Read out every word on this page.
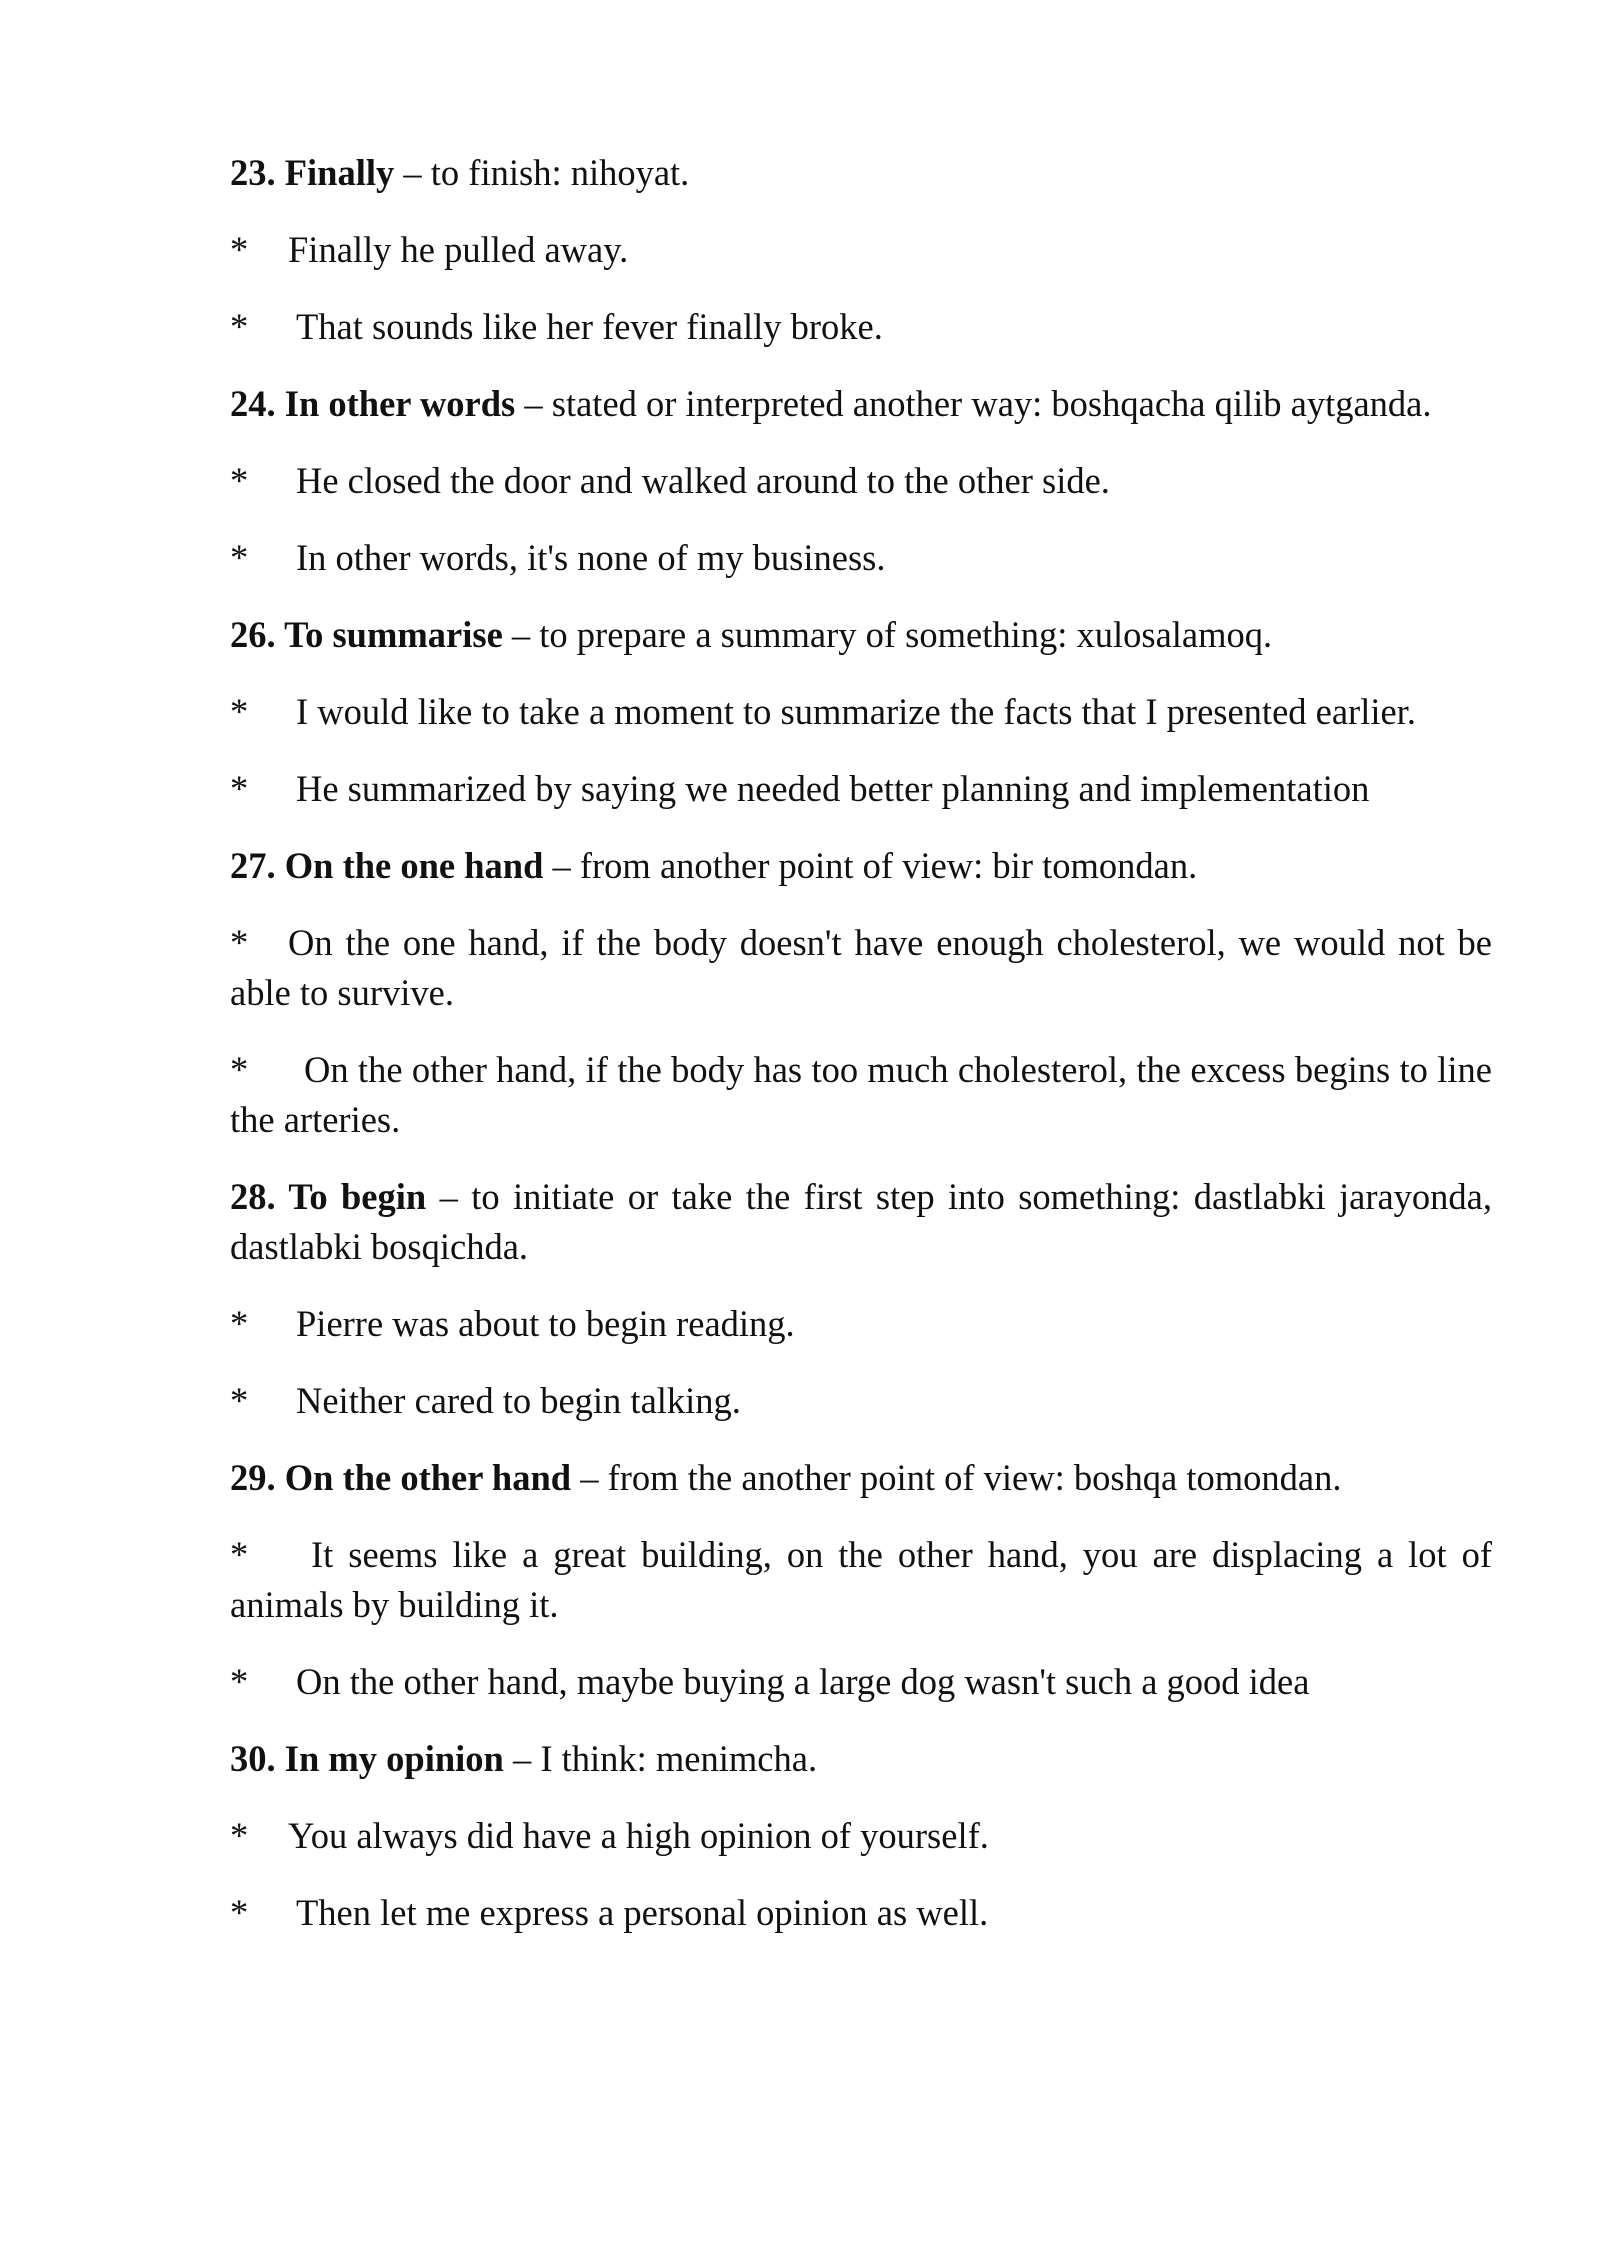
23. Finally – to finish: nihoyat.

* Finally he pulled away.

* That sounds like her fever finally broke.

24. In other words – stated or interpreted another way: boshqacha qilib aytganda.

* He closed the door and walked around to the other side.

* In other words, it's none of my business.

26. To summarise – to prepare a summary of something: xulosalamoq.

* I would like to take a moment to summarize the facts that I presented earlier.

* He summarized by saying we needed better planning and implementation

27. On the one hand – from another point of view: bir tomondan.

* On the one hand, if the body doesn't have enough cholesterol, we would not be able to survive.

* On the other hand, if the body has too much cholesterol, the excess begins to line the arteries.

28. To begin – to initiate or take the first step into something: dastlabki jarayonda, dastlabki bosqichda.

* Pierre was about to begin reading.

* Neither cared to begin talking.

29. On the other hand – from the another point of view: boshqa tomondan.

* It seems like a great building, on the other hand, you are displacing a lot of animals by building it.

* On the other hand, maybe buying a large dog wasn't such a good idea

30. In my opinion – I think: menimcha.

* You always did have a high opinion of yourself.

* Then let me express a personal opinion as well.
